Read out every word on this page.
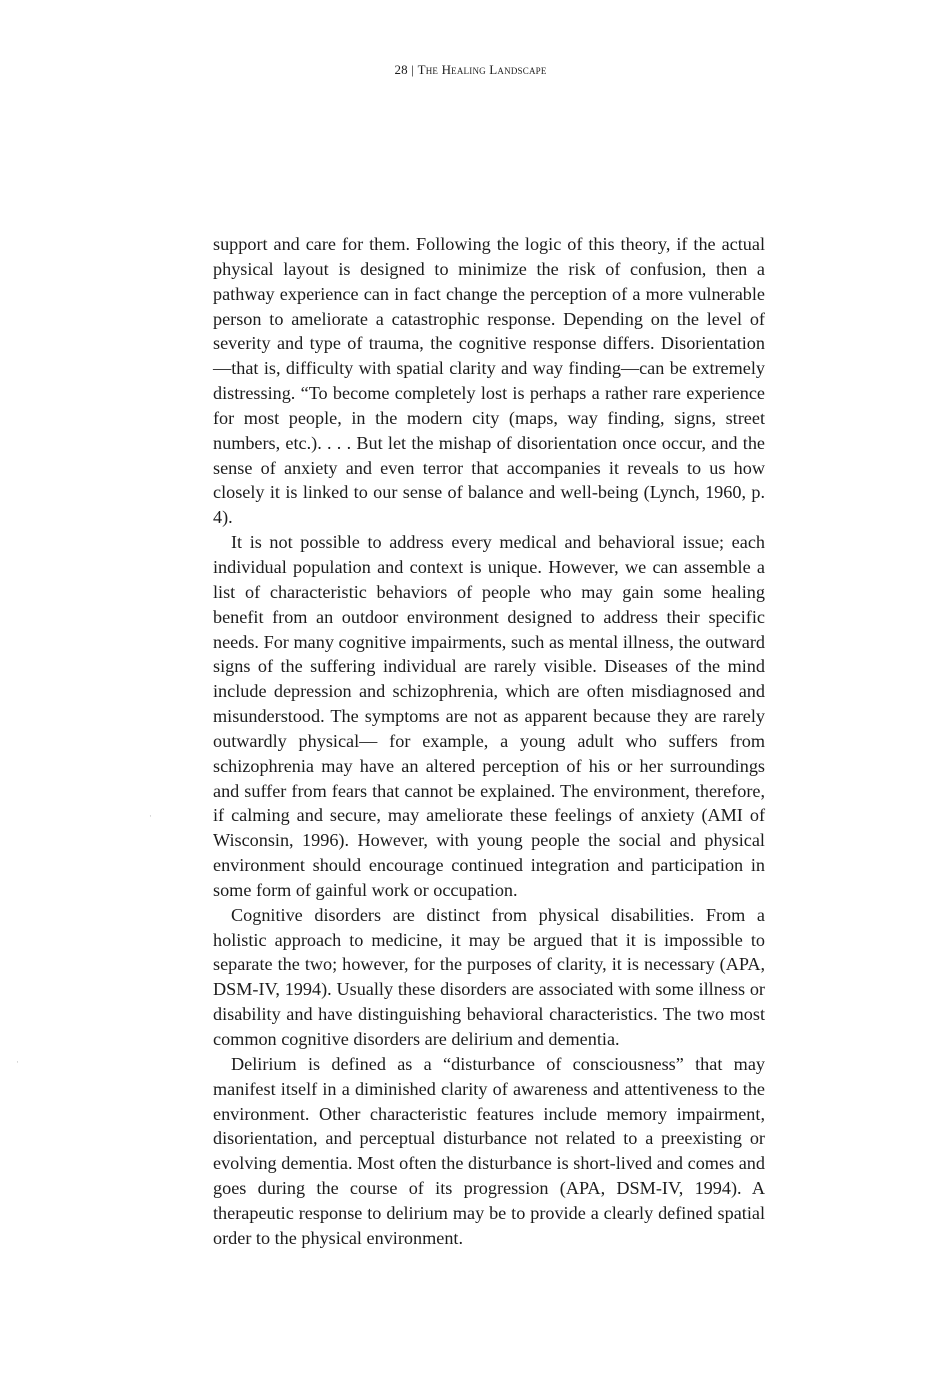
28 | The Healing Landscape

support and care for them. Following the logic of this theory, if the actual physical layout is designed to minimize the risk of confusion, then a pathway experience can in fact change the perception of a more vulnerable person to ameliorate a catastrophic response. Depending on the level of severity and type of trauma, the cognitive response differs. Disorientation—that is, difficulty with spatial clarity and way finding—can be extremely distressing. “To become completely lost is perhaps a rather rare experience for most people, in the modern city (maps, way finding, signs, street numbers, etc.). . . . But let the mishap of disorientation once occur, and the sense of anxiety and even terror that accompanies it reveals to us how closely it is linked to our sense of balance and well-being (Lynch, 1960, p. 4).

It is not possible to address every medical and behavioral issue; each individual population and context is unique. However, we can assemble a list of characteristic behaviors of people who may gain some healing benefit from an outdoor environment designed to address their specific needs. For many cognitive impairments, such as mental illness, the outward signs of the suffering individual are rarely visible. Diseases of the mind include depression and schizophrenia, which are often misdiagnosed and misunderstood. The symptoms are not as apparent because they are rarely outwardly physical— for example, a young adult who suffers from schizophrenia may have an altered perception of his or her surroundings and suffer from fears that cannot be explained. The environment, therefore, if calming and secure, may ameliorate these feelings of anxiety (AMI of Wisconsin, 1996). However, with young people the social and physical environment should encourage continued integration and participation in some form of gainful work or occupation.

Cognitive disorders are distinct from physical disabilities. From a holistic approach to medicine, it may be argued that it is impossible to separate the two; however, for the purposes of clarity, it is necessary (APA, DSM-IV, 1994). Usually these disorders are associated with some illness or disability and have distinguishing behavioral characteristics. The two most common cognitive disorders are delirium and dementia.

Delirium is defined as a “disturbance of consciousness” that may manifest itself in a diminished clarity of awareness and attentiveness to the environment. Other characteristic features include memory impairment, disorientation, and perceptual disturbance not related to a preexisting or evolving dementia. Most often the disturbance is short-lived and comes and goes during the course of its progression (APA, DSM-IV, 1994). A therapeutic response to delirium may be to provide a clearly defined spatial order to the physical environment.

·
·
